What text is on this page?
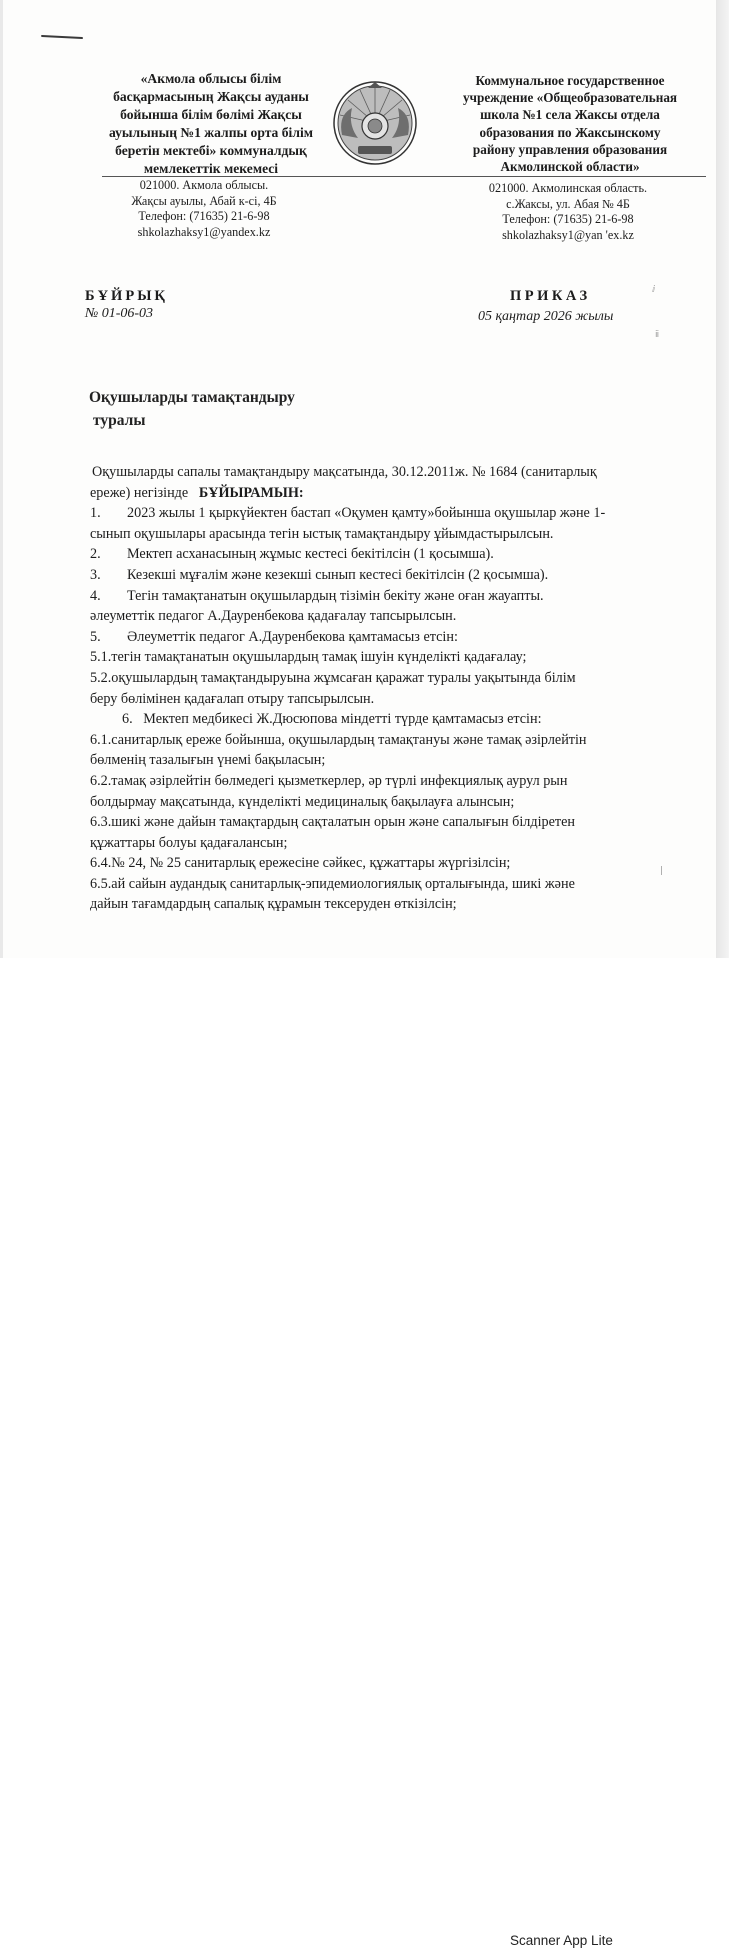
«Акмола облысы білім
басқармасының Жақсы ауданы
бойынша білім бөлімі Жақсы
ауылының №1 жалпы орта білім
беретін мектебі» коммуналдық
мемлекеттік мекемесі
Коммунальное государственное
учреждение «Общеобразовательная
школа №1 села Жаксы отдела
образования по Жаксынскому
району управления образования
Акмолинской области»
021000. Акмола облысы.
Жақсы ауылы, Абай к-сі, 4Б
Телефон: (71635) 21-6-98
shkolazhaksy1@yandex.kz
021000. Акмолинская область.
с.Жаксы, ул. Абая № 4Б
Телефон: (71635) 21-6-98
shkolazhaksy1@yan 'ex.kz
БҰЙРЫҚ
№ 01-06-03
ПРИКАЗ
05 қаңтар 2026 жылы
Оқушыларды тамақтандыру
туралы
Оқушыларды сапалы тамақтандыру мақсатында, 30.12.2011ж. № 1684 (санитарлық
ереже) негізінде БҰЙЫРАМЫН:
1. 2023 жылы 1 қыркүйектен бастап «Оқумен қамту»бойынша оқушылар және 1-
сынып оқушылары арасында тегін ыстық тамақтандыру ұйымдастырылсын.
2. Мектеп асханасының жұмыс кестесі бекітілсін (1 қосымша).
3. Кезекші мұғалім және кезекші сынып кестесі бекітілсін (2 қосымша).
4. Тегін тамақтанатын оқушылардың тізімін бекіту және оған жауапты.
әлеуметтік педагог А.Дауренбекова қадағалау тапсырылсын.
5. Әлеуметтік педагог А.Дауренбекова қамтамасыз етсін:
5.1.тегін тамақтанатын оқушылардың тамақ ішуін күнделікті қадағалау;
5.2.оқушылардың тамақтандыруына жұмсаған қаражат туралы уақытында білім
беру бөлімінен қадағалап отыру тапсырылсын.
6.   Мектеп медбикесі Ж.Дюсюпова міндетті түрде қамтамасыз етсін:
6.1.санитарлық ереже бойынша, оқушылардың тамақтануы және тамақ әзірлейтін
бөлменің тазалығын үнемі бақыласын;
6.2.тамақ әзірлейтін бөлмедегі қызметкерлер, әр түрлі инфекциялық аурул рын
болдырмау мақсатында, күнделікті медициналық бақылауға алынсын;
6.3.шикі және дайын тамақтардың сақталатын орын және сапалығын білдіретен
құжаттары болуы қадағалансын;
6.4.№ 24, № 25 санитарлық ережесіне сәйкес, құжаттары жүргізілсін;
6.5.ай сайын аудандық санитарлық-эпидемиологиялық орталығында, шикі және
дайын тағамдардың сапалық құрамын тексеруден өткізілсін;
ⅈ
ⅱ
|
Scanner App Lite
